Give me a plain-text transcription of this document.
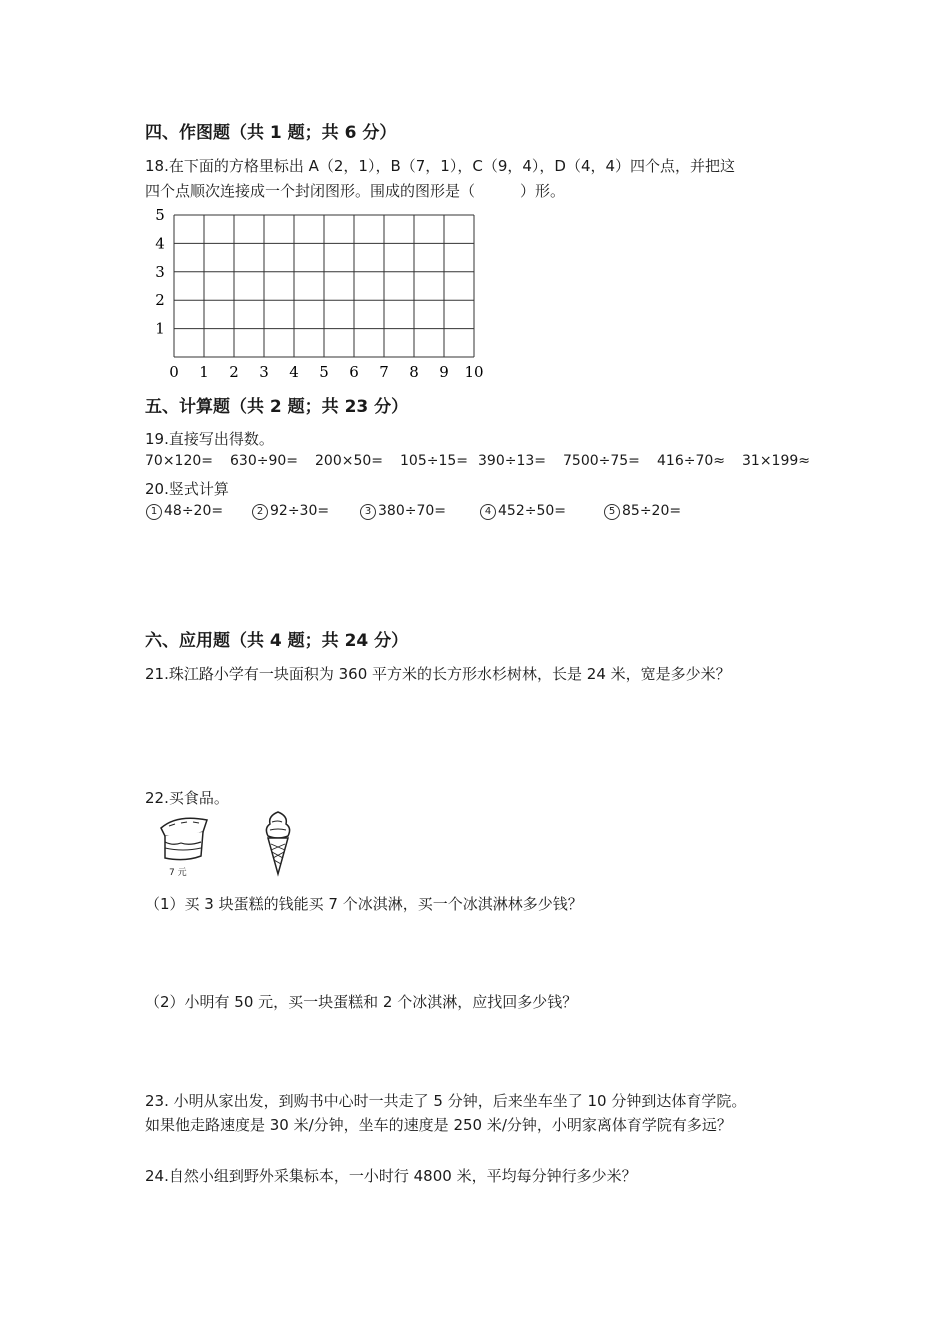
四、作图题（共 1 题；共 6 分）
18.在下面的方格里标出 A（2，1），B（7，1），C（9，4），D（4，4）四个点，并把这
四个点顺次连接成一个封闭图形。围成的图形是（　　　）形。
0 1 2 3 4 5 6 7 8 9 10
1
2
3
4
5
五、计算题（共 2 题；共 23 分）
19.直接写出得数。
70×120= 630÷90= 200×50= 105÷15= 390÷13= 7500÷75= 416÷70≈ 31×199≈
20.竖式计算
1 48÷20=	2 92÷30=	3 380÷70=	4 452÷50=	5 85÷20=
六、应用题（共 4 题；共 24 分）
21.珠江路小学有一块面积为 360 平方米的长方形水杉树林，长是 24 米，宽是多少米？
22.买食品。
7 元
（1）买 3 块蛋糕的钱能买 7 个冰淇淋，买一个冰淇淋林多少钱？
（2）小明有 50 元，买一块蛋糕和 2 个冰淇淋，应找回多少钱？
23. 小明从家出发，到购书中心时一共走了 5 分钟，后来坐车坐了 10 分钟到达体育学院。
如果他走路速度是 30 米/分钟，坐车的速度是 250 米/分钟，小明家离体育学院有多远？
24.自然小组到野外采集标本，一小时行 4800 米，平均每分钟行多少米？
